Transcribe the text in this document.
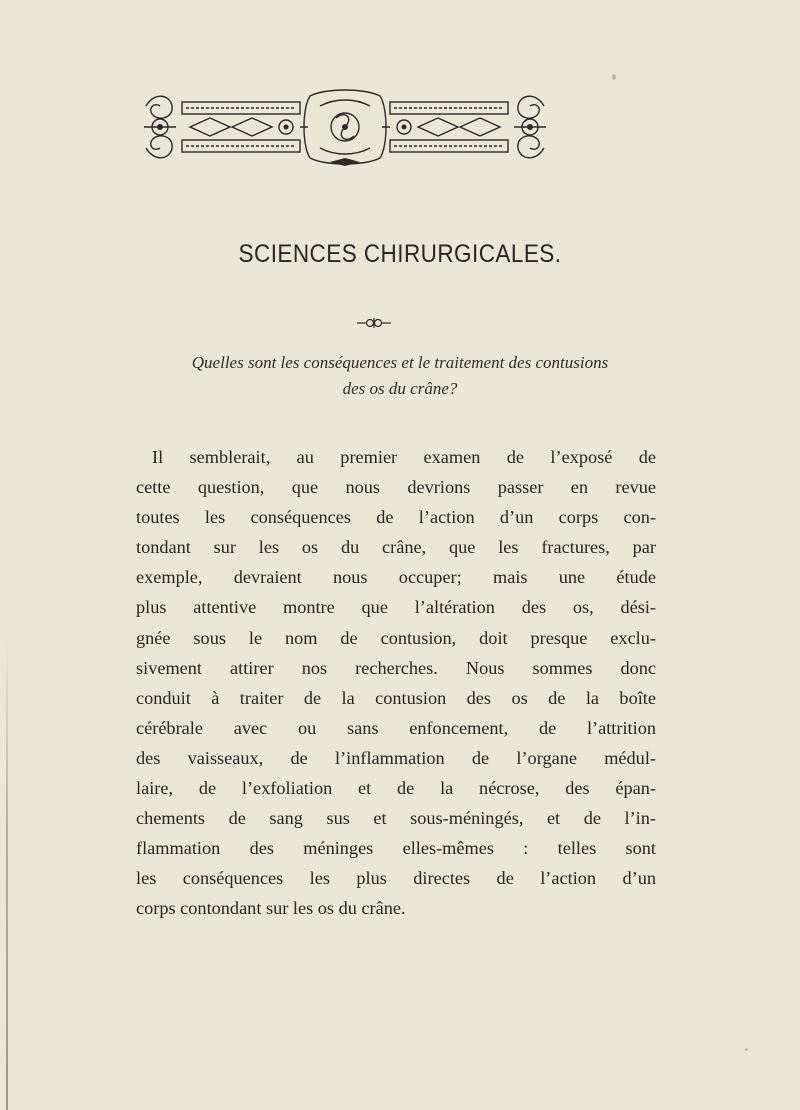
SCIENCES CHIRURGICALES.

Quelles sont les conséquences et le traitement des contusions
des os du crâne?

Il semblerait, au premier examen de l’exposé de
cette question, que nous devrions passer en revue
toutes les conséquences de l’action d’un corps con-
tondant sur les os du crâne, que les fractures, par
exemple, devraient nous occuper; mais une étude
plus attentive montre que l’altération des os, dési-
gnée sous le nom de contusion, doit presque exclu-
sivement attirer nos recherches. Nous sommes donc
conduit à traiter de la contusion des os de la boîte
cérébrale avec ou sans enfoncement, de l’attrition
des vaisseaux, de l’inflammation de l’organe médul-
laire, de l’exfoliation et de la nécrose, des épan-
chements de sang sus et sous-méningés, et de l’in-
flammation des méninges elles-mêmes : telles sont
les conséquences les plus directes de l’action d’un
corps contondant sur les os du crâne.
